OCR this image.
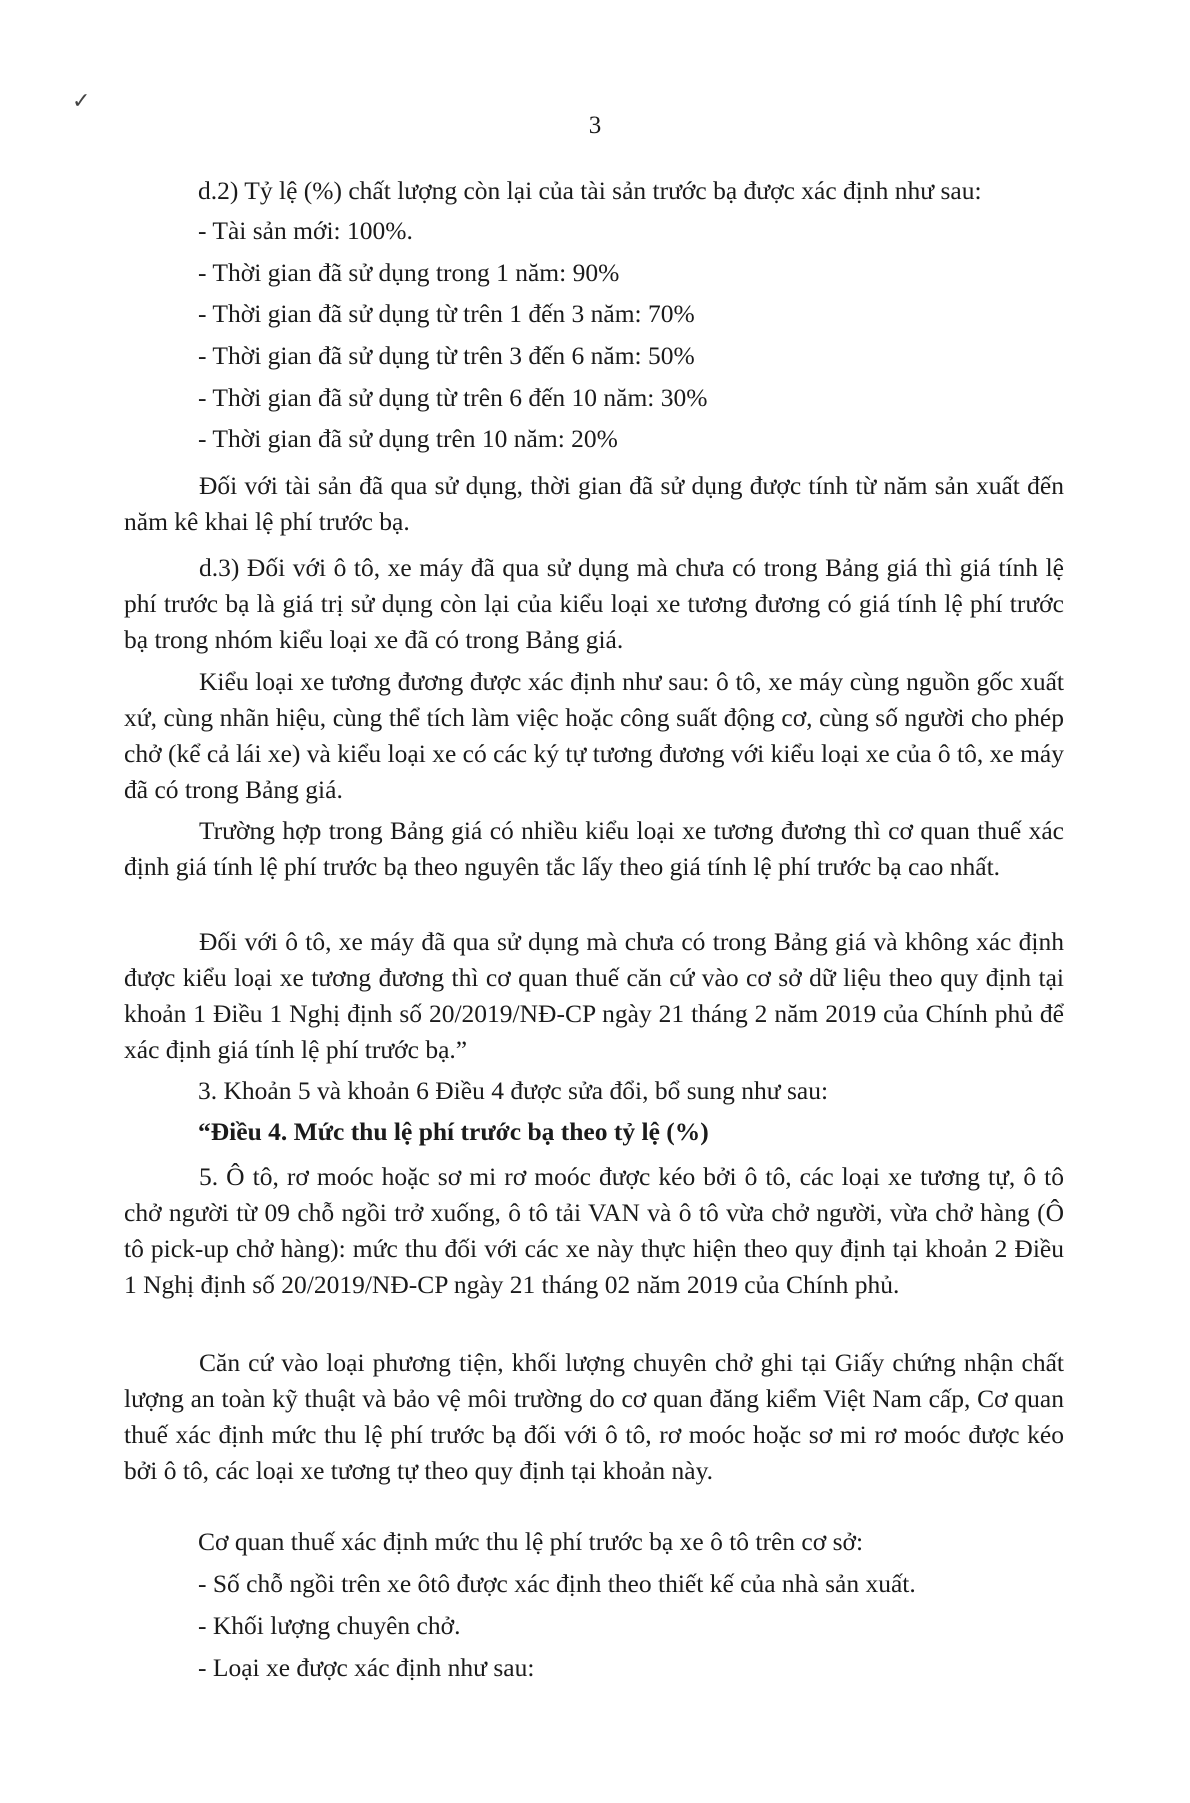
✓
3
d.2) Tỷ lệ (%) chất lượng còn lại của tài sản trước bạ được xác định như sau:
- Tài sản mới: 100%.
- Thời gian đã sử dụng trong 1 năm: 90%
- Thời gian đã sử dụng từ trên 1 đến 3 năm: 70%
- Thời gian đã sử dụng từ trên 3 đến 6 năm: 50%
- Thời gian đã sử dụng từ trên 6 đến 10 năm: 30%
- Thời gian đã sử dụng trên 10 năm: 20%
Đối với tài sản đã qua sử dụng, thời gian đã sử dụng được tính từ năm sản xuất đến năm kê khai lệ phí trước bạ.
d.3) Đối với ô tô, xe máy đã qua sử dụng mà chưa có trong Bảng giá thì giá tính lệ phí trước bạ là giá trị sử dụng còn lại của kiểu loại xe tương đương có giá tính lệ phí trước bạ trong nhóm kiểu loại xe đã có trong Bảng giá.
Kiểu loại xe tương đương được xác định như sau: ô tô, xe máy cùng nguồn gốc xuất xứ, cùng nhãn hiệu, cùng thể tích làm việc hoặc công suất động cơ, cùng số người cho phép chở (kể cả lái xe) và kiểu loại xe có các ký tự tương đương với kiểu loại xe của ô tô, xe máy đã có trong Bảng giá.
Trường hợp trong Bảng giá có nhiều kiểu loại xe tương đương thì cơ quan thuế xác định giá tính lệ phí trước bạ theo nguyên tắc lấy theo giá tính lệ phí trước bạ cao nhất.
Đối với ô tô, xe máy đã qua sử dụng mà chưa có trong Bảng giá và không xác định được kiểu loại xe tương đương thì cơ quan thuế căn cứ vào cơ sở dữ liệu theo quy định tại khoản 1 Điều 1 Nghị định số 20/2019/NĐ-CP ngày 21 tháng 2 năm 2019 của Chính phủ để xác định giá tính lệ phí trước bạ.”
3. Khoản 5 và khoản 6 Điều 4 được sửa đổi, bổ sung như sau:
“Điều 4. Mức thu lệ phí trước bạ theo tỷ lệ (%)
5. Ô tô, rơ moóc hoặc sơ mi rơ moóc được kéo bởi ô tô, các loại xe tương tự, ô tô chở người từ 09 chỗ ngồi trở xuống, ô tô tải VAN và ô tô vừa chở người, vừa chở hàng (Ô tô pick-up chở hàng): mức thu đối với các xe này thực hiện theo quy định tại khoản 2 Điều 1 Nghị định số 20/2019/NĐ-CP ngày 21 tháng 02 năm 2019 của Chính phủ.
Căn cứ vào loại phương tiện, khối lượng chuyên chở ghi tại Giấy chứng nhận chất lượng an toàn kỹ thuật và bảo vệ môi trường do cơ quan đăng kiểm Việt Nam cấp, Cơ quan thuế xác định mức thu lệ phí trước bạ đối với ô tô, rơ moóc hoặc sơ mi rơ moóc được kéo bởi ô tô, các loại xe tương tự theo quy định tại khoản này.
Cơ quan thuế xác định mức thu lệ phí trước bạ xe ô tô trên cơ sở:
- Số chỗ ngồi trên xe ôtô được xác định theo thiết kế của nhà sản xuất.
- Khối lượng chuyên chở.
- Loại xe được xác định như sau:
